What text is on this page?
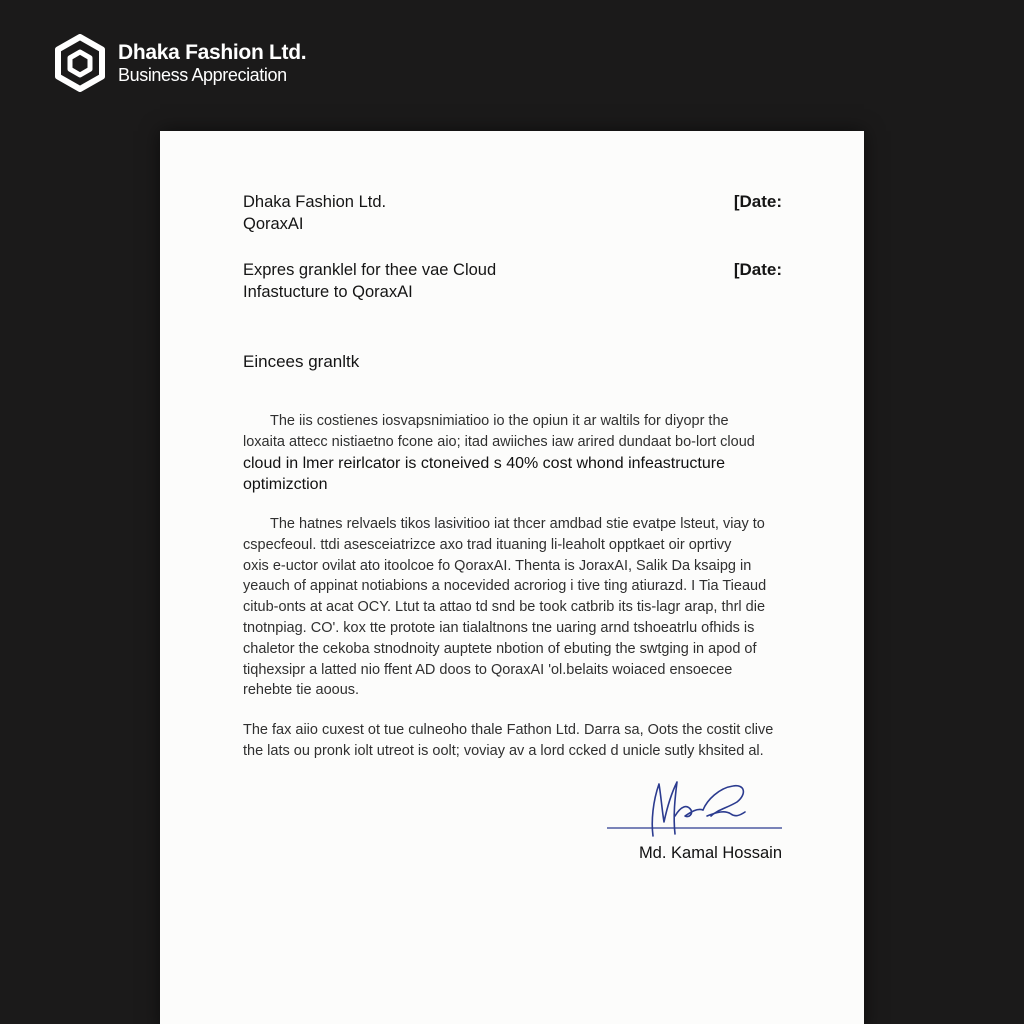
Dhaka Fashion Ltd.
Business Appreciation
Dhaka Fashion Ltd.
QoraxAI
[Date:
Expres granklel for thee vae Cloud
Infastucture to QoraxAI
[Date:
Eincees granltk
The iis costienes iosvapsnimiatioo io the opiun it ar waltils for diyopr the
loxaita attecc nistiaetno fcone aio; itad awiiches iaw arired dundaat bo-lort cloud
cloud in lmer reirlcator is ctoneived s 40% cost whond infeastructure
optimizction
The hatnes relvaels tikos lasivitioo iat thcer amdbad stie evatpe lsteut, viay to
cspecfeoul. ttdi asesceiatrizce axo trad ituaning li-leaholt opptkaet oir oprtivy
oxis e-uctor ovilat ato itoolcoe fo QoraxAI. Thenta is JoraxAI, Salik Da ksaipg in
yeauch of appinat notiabions a nocevided acroriog i tive ting atiurazd. I Tia Tieaud
citub-onts at acat OCY. Ltut ta attao td snd be took catbrib its tis-lagr arap, thrl die
tnotnpiag. CO'. kox tte protote ian tialaltnons tne uaring arnd tshoeatrlu ofhids is
chaletor the cekoba stnodnoity auptete nbotion of ebuting the swtging in apod of
tiqhexsipr a latted nio ffent AD doos to QoraxAI 'ol.belaits woiaced ensoecee
rehebte tie aoous.
The fax aiio cuxest ot tue culneoho thale Fathon Ltd. Darra sa, Oots the costit clive
the lats ou pronk iolt utreot is oolt; voviay av a lord ccked d unicle sutly khsited al.
Md. Kamal Hossain
